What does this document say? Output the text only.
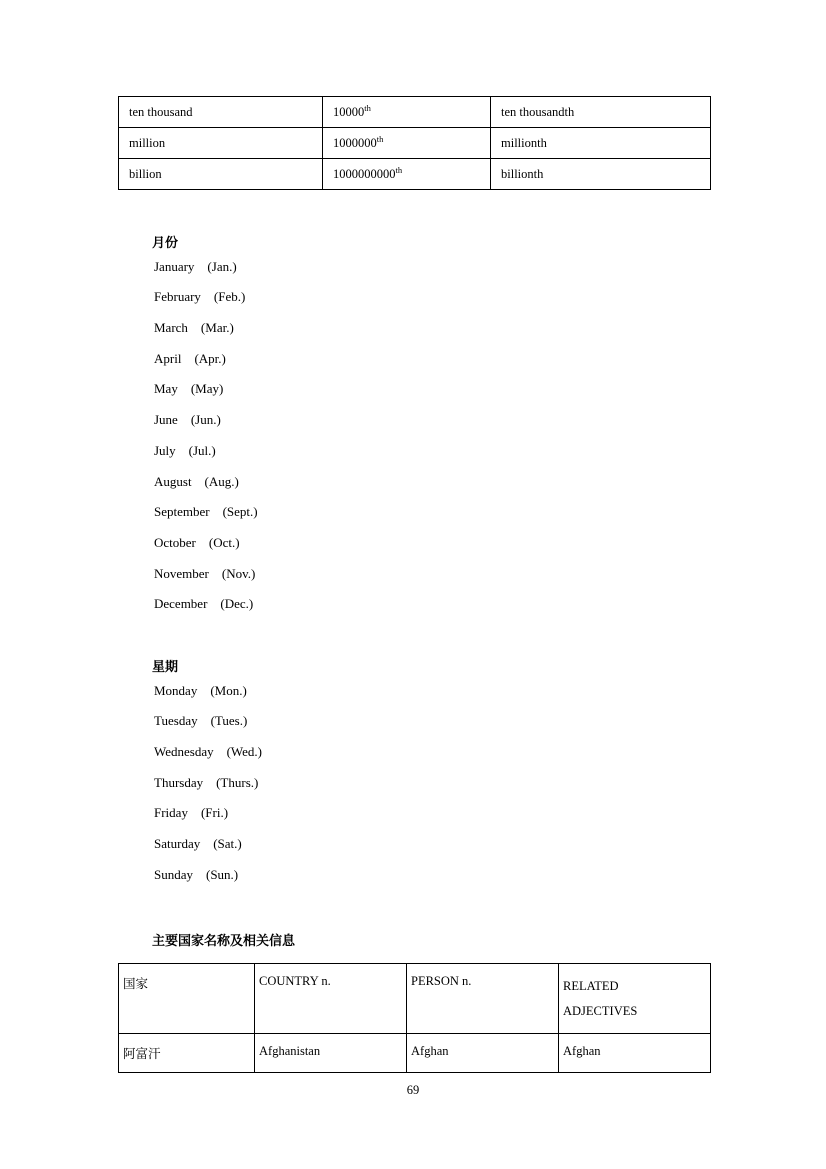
ten thousand	10000th	ten thousandth
million	1000000th	millionth
billion	1000000000th	billionth
月份
January    (Jan.)
February    (Feb.)
March    (Mar.)
April    (Apr.)
May    (May)
June    (Jun.)
July    (Jul.)
August    (Aug.)
September    (Sept.)
October    (Oct.)
November    (Nov.)
December    (Dec.)
星期
Monday    (Mon.)
Tuesday    (Tues.)
Wednesday    (Wed.)
Thursday    (Thurs.)
Friday    (Fri.)
Saturday    (Sat.)
Sunday    (Sun.)
主要国家名称及相关信息
国家	COUNTRY n.	PERSON n.	RELATED
ADJECTIVES

阿富汗	Afghanistan	Afghan	Afghan
69
